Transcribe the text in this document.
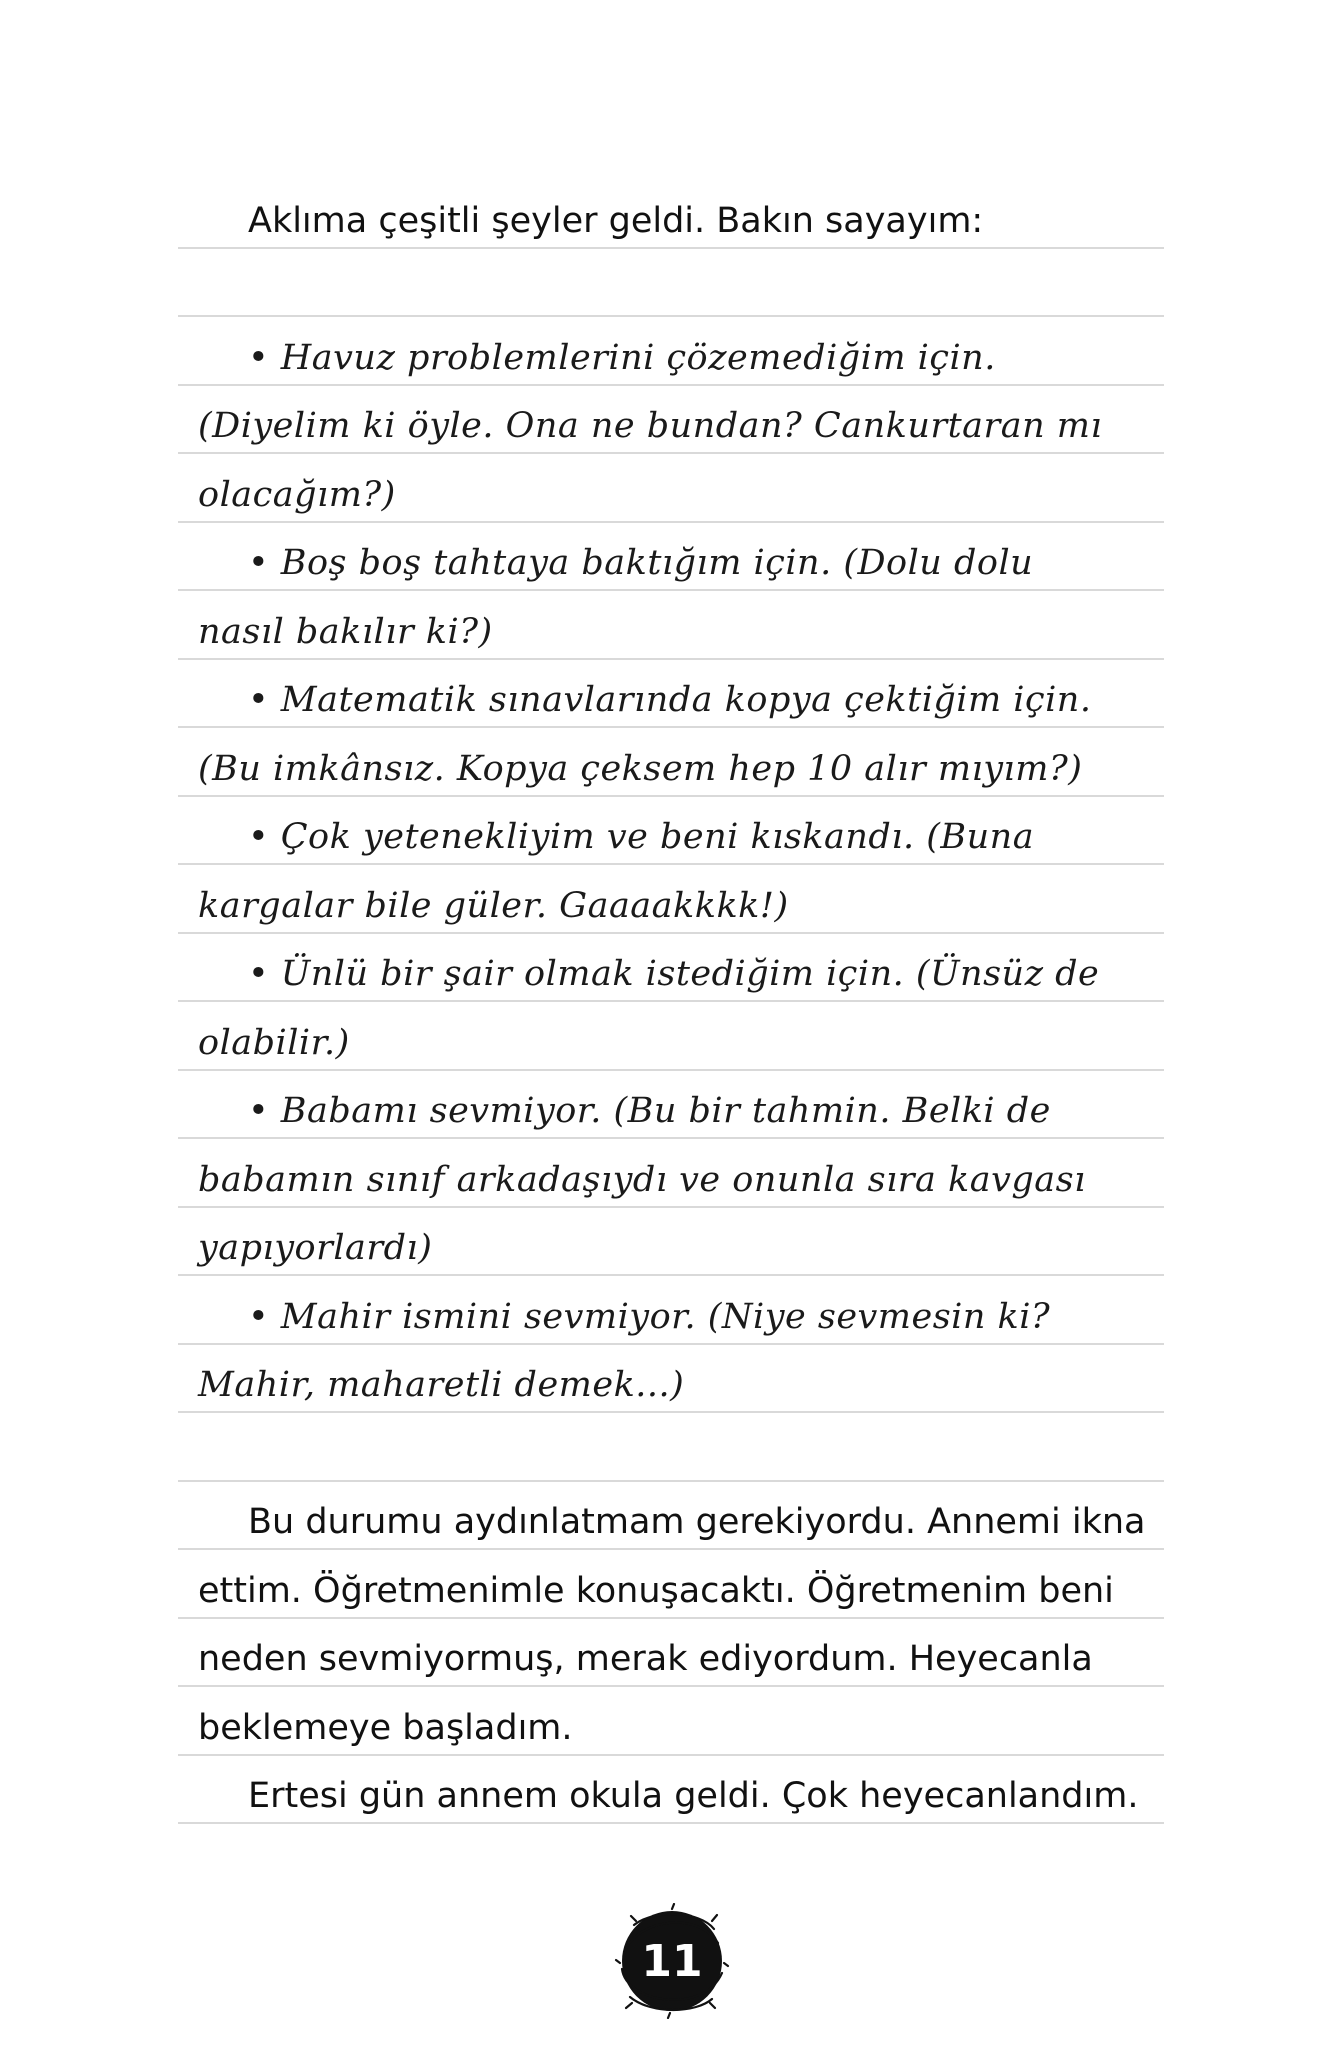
Aklıma çeşitli şeyler geldi. Bakın sayayım:
• Havuz problemlerini çözemediğim için.
(Diyelim ki öyle. Ona ne bundan? Cankurtaran mı
olacağım?)
• Boş boş tahtaya baktığım için. (Dolu dolu
nasıl bakılır ki?)
• Matematik sınavlarında kopya çektiğim için.
(Bu imkânsız. Kopya çeksem hep 10 alır mıyım?)
• Çok yetenekliyim ve beni kıskandı. (Buna
kargalar bile güler. Gaaaakkkk!)
• Ünlü bir şair olmak istediğim için. (Ünsüz de
olabilir.)
• Babamı sevmiyor. (Bu bir tahmin. Belki de
babamın sınıf arkadaşıydı ve onunla sıra kavgası
yapıyorlardı)
• Mahir ismini sevmiyor. (Niye sevmesin ki?
Mahir, maharetli demek...)
Bu durumu aydınlatmam gerekiyordu. Annemi ikna
ettim. Öğretmenimle konuşacaktı. Öğretmenim beni
neden sevmiyormuş, merak ediyordum. Heyecanla
beklemeye başladım.
Ertesi gün annem okula geldi. Çok heyecanlandım.
11
